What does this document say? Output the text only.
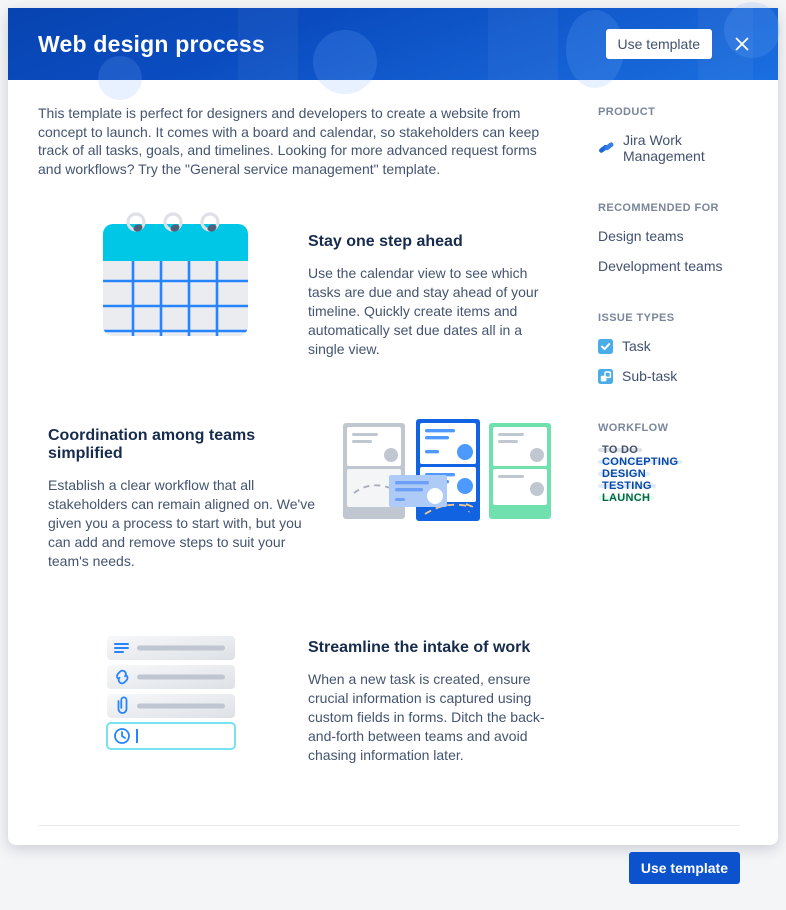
Web design process	Use template

This template is perfect for designers and developers to create a website from concept to launch. It comes with a board and calendar, so stakeholders can keep track of all tasks, goals, and timelines. Looking for more advanced request forms and workflows? Try the "General service management" template.

Stay one step ahead

Use the calendar view to see which tasks are due and stay ahead of your timeline. Quickly create items and automatically set due dates all in a single view.

Coordination among teams simplified

Establish a clear workflow that all stakeholders can remain aligned on. We've given you a process to start with, but you can add and remove steps to suit your team's needs.

Streamline the intake of work

When a new task is created, ensure crucial information is captured using custom fields in forms. Ditch the back-and-forth between teams and avoid chasing information later.

PRODUCT
Jira Work Management
RECOMMENDED FOR
Design teams
Development teams
ISSUE TYPES
Task
Sub-task
WORKFLOW
TO DO
CONCEPTING
DESIGN
TESTING
LAUNCH
Use template
